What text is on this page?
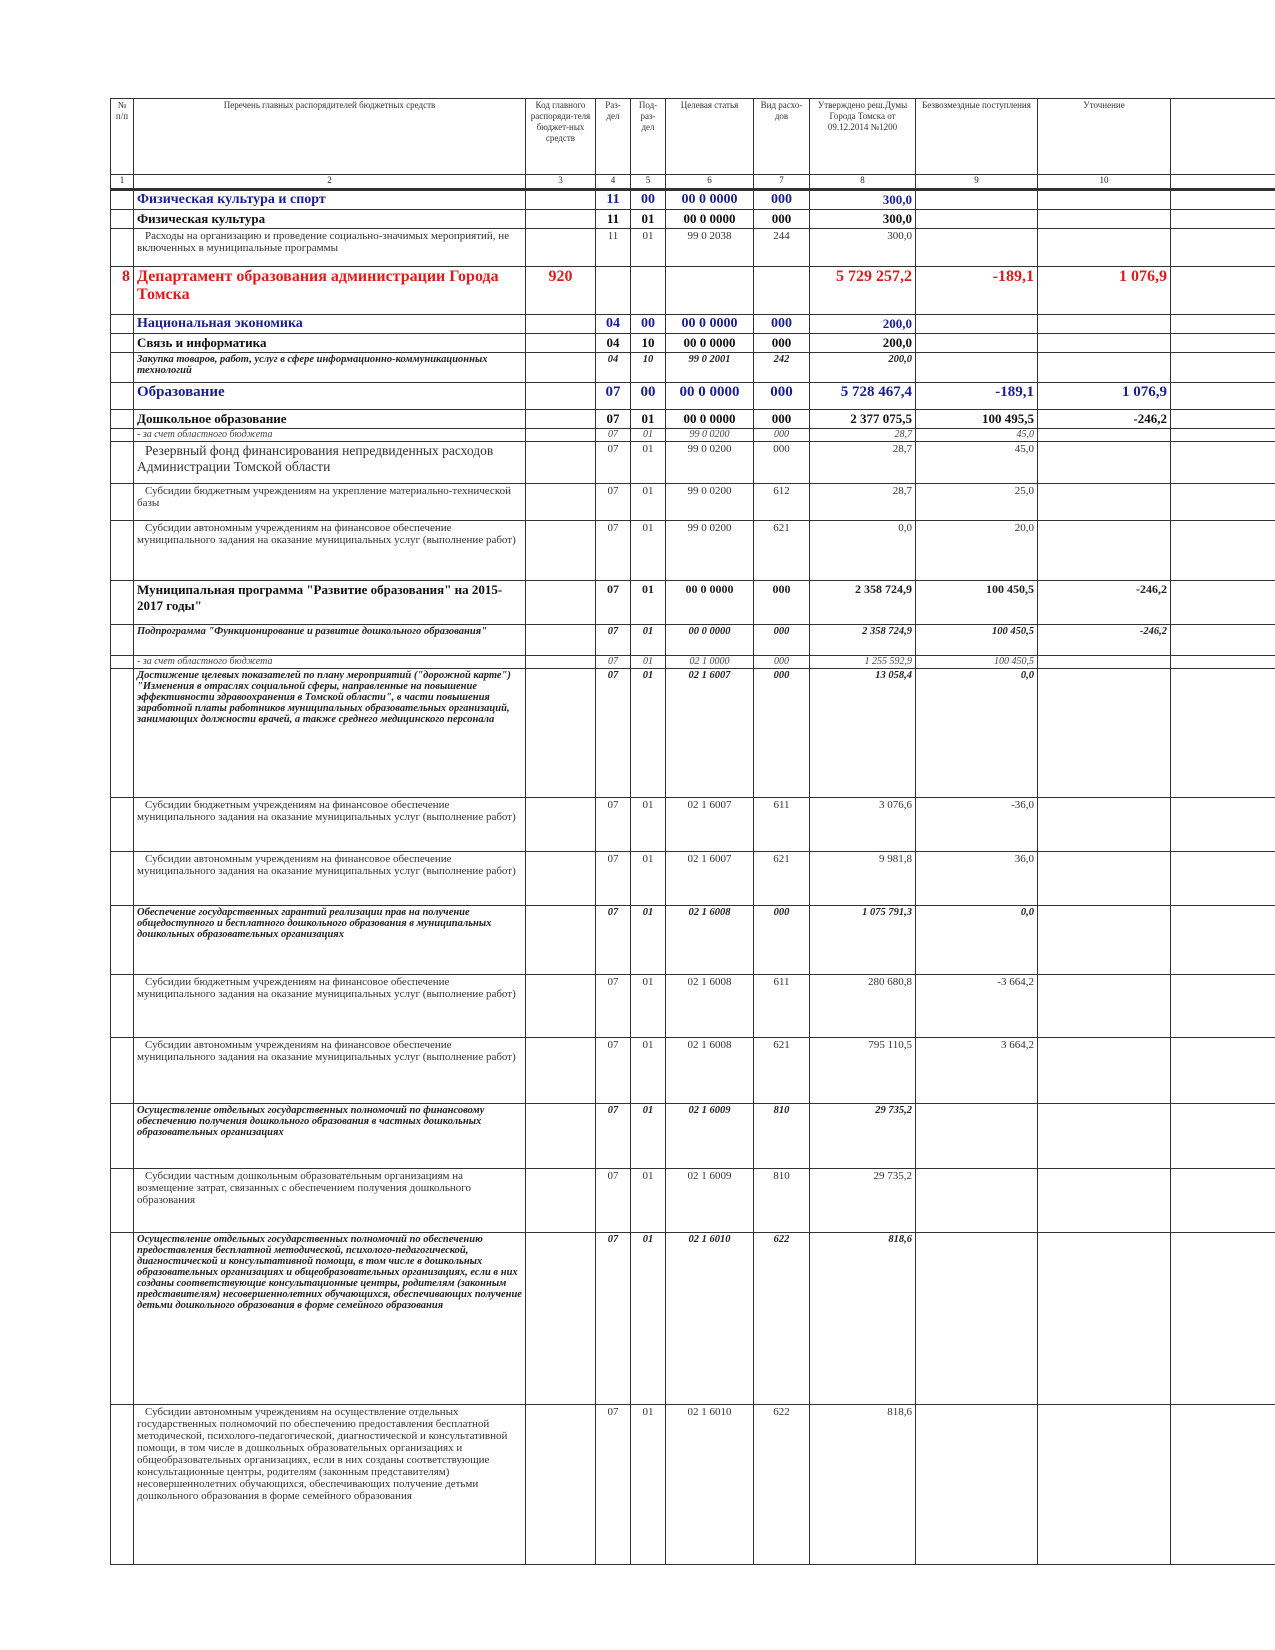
№ п/п	Перечень главных распорядителей бюджетных средств	Код главного распоряди-теля бюджет-ных средств	Раз-дел	Под-раз-дел	Целевая статья	Вид расхо-дов	Утверждено реш.Думы Города Томска от 09.12.2014 №1200	Безвозмездные поступления	Уточнение	
1	2	3	4	5	6	7	8	9	10	
	Физическая культура и спорт		11	00	00 0 0000	000	300,0			
	Физическая культура		11	01	00 0 0000	000	300,0			
	Расходы на организацию и проведение социально-значимых мероприятий, не включенных в муниципальные программы		11	01	99 0 2038	244	300,0			
8	Департамент образования администрации Города Томска	920					5 729 257,2	-189,1	1 076,9	
	Национальная экономика		04	00	00 0 0000	000	200,0			
	Связь и информатика		04	10	00 0 0000	000	200,0			
	Закупка товаров, работ, услуг в сфере информационно-коммуникационных технологий		04	10	99 0 2001	242	200,0			
	Образование		07	00	00 0 0000	000	5 728 467,4	-189,1	1 076,9	
	Дошкольное образование		07	01	00 0 0000	000	2 377 075,5	100 495,5	-246,2	
	- за счет областного бюджета		07	01	99 0 0200	000	28,7	45,0		
	Резервный фонд финансирования непредвиденных расходов Администрации Томской области		07	01	99 0 0200	000	28,7	45,0		
	Субсидии бюджетным учреждениям на укрепление материально-технической базы		07	01	99 0 0200	612	28,7	25,0		
	Субсидии автономным учреждениям на финансовое обеспечение муниципального задания на оказание муниципальных услуг (выполнение работ)		07	01	99 0 0200	621	0,0	20,0		
	Муниципальная программа "Развитие образования" на 2015-2017 годы"		07	01	00 0 0000	000	2 358 724,9	100 450,5	-246,2	
	Подпрограмма "Функционирование и развитие дошкольного образования"		07	01	00 0 0000	000	2 358 724,9	100 450,5	-246,2	
	- за счет областного бюджета		07	01	02 1 0000	000	1 255 592,9	100 450,5		
	Достижение целевых показателей по плану мероприятий ("дорожной карте") "Изменения в отраслях социальной сферы, направленные на повышение эффективности здравоохранения в Томской области", в части повышения заработной платы работников муниципальных образовательных организаций, занимающих должности врачей, а также среднего медицинского персонала		07	01	02 1 6007	000	13 058,4	0,0		
	Субсидии бюджетным учреждениям на финансовое обеспечение муниципального задания на оказание муниципальных услуг (выполнение работ)		07	01	02 1 6007	611	3 076,6	-36,0		
	Субсидии автономным учреждениям на финансовое обеспечение муниципального задания на оказание муниципальных услуг (выполнение работ)		07	01	02 1 6007	621	9 981,8	36,0		
	Обеспечение государственных гарантий реализации прав на получение общедоступного и бесплатного дошкольного образования в муниципальных дошкольных образовательных организациях		07	01	02 1 6008	000	1 075 791,3	0,0		
	Субсидии бюджетным учреждениям на финансовое обеспечение муниципального задания на оказание муниципальных услуг (выполнение работ)		07	01	02 1 6008	611	280 680,8	-3 664,2		
	Субсидии автономным учреждениям на финансовое обеспечение муниципального задания на оказание муниципальных услуг (выполнение работ)		07	01	02 1 6008	621	795 110,5	3 664,2		
	Осуществление отдельных государственных полномочий по финансовому обеспечению получения дошкольного образования в частных дошкольных образовательных организациях		07	01	02 1 6009	810	29 735,2			
	Субсидии частным дошкольным образовательным организациям на возмещение затрат, связанных с обеспечением получения дошкольного образования		07	01	02 1 6009	810	29 735,2			
	Осуществление отдельных государственных полномочий по обеспечению предоставления бесплатной методической, психолого-педагогической, диагностической и консультативной помощи, в том числе в дошкольных образовательных организациях и общеобразовательных организациях, если в них созданы соответствующие консультационные центры, родителям (законным представителям) несовершеннолетних обучающихся, обеспечивающих получение детьми дошкольного образования в форме семейного образования		07	01	02 1 6010	622	818,6			
	Субсидии автономным учреждениям на осуществление отдельных государственных полномочий по обеспечению предоставления бесплатной методической, психолого-педагогической, диагностической и консультативной помощи, в том числе в дошкольных образовательных организациях и общеобразовательных организациях, если в них созданы соответствующие консультационные центры, родителям (законным представителям) несовершеннолетних обучающихся, обеспечивающих получение детьми дошкольного образования в форме семейного образования		07	01	02 1 6010	622	818,6			
